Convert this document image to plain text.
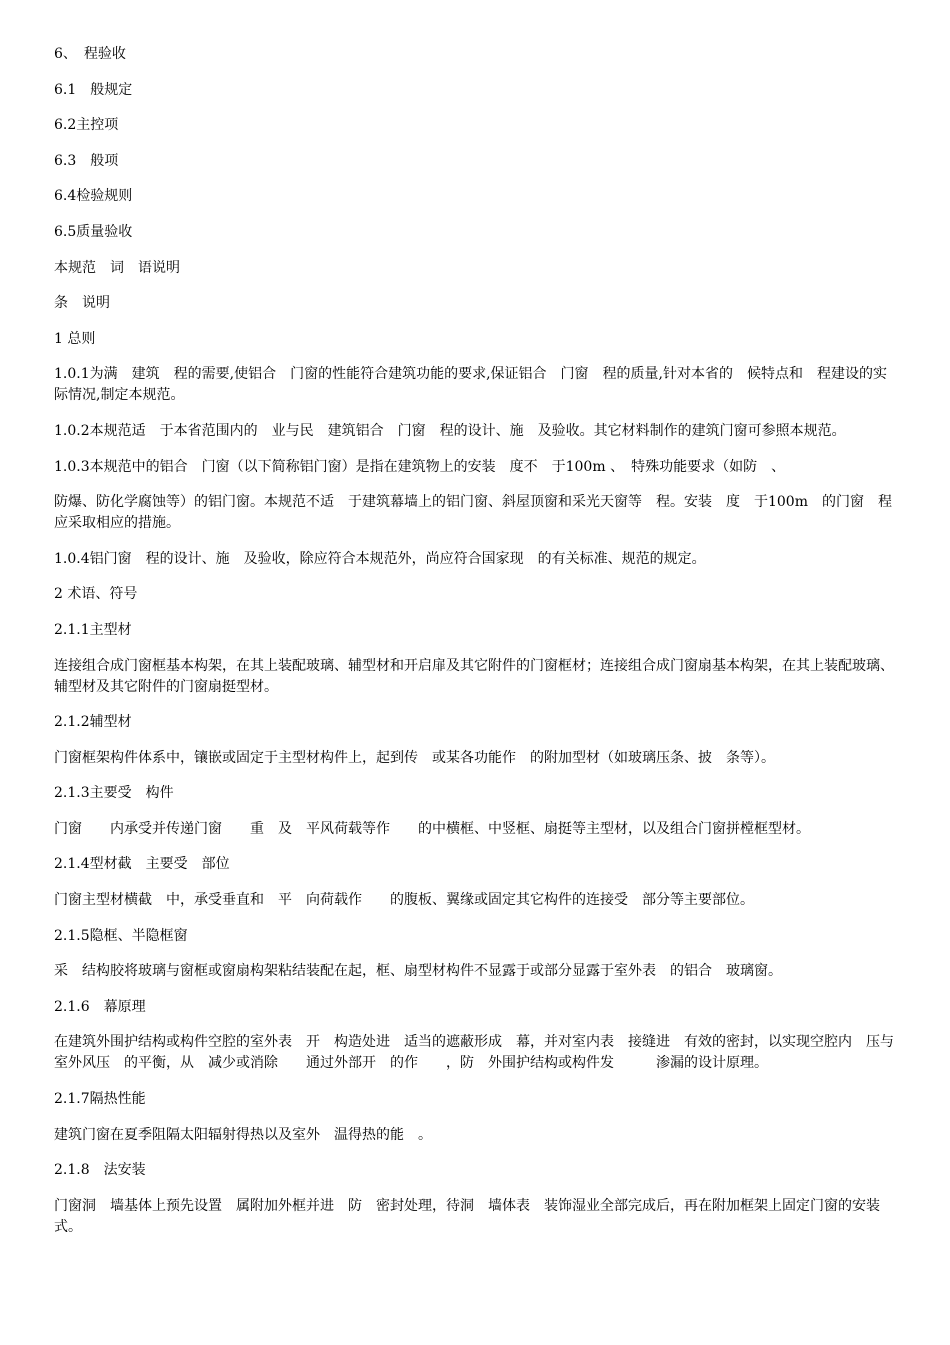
6、　程验收

6.1　般规定

6.2主控项

6.3　般项

6.4检验规则

6.5质量验收

本规范　词　语说明

条　说明

1 总则

1.0.1为满　建筑　程的需要,使铝合　门窗的性能符合建筑功能的要求,保证铝合　门窗　程的质量,针对本省的　候特点和　程建设的实际情况,制定本规范。

1.0.2本规范适　于本省范围内的　业与民　建筑铝合　门窗　程的设计、施　及验收。其它材料制作的建筑门窗可参照本规范。

1.0.3本规范中的铝合　门窗（以下简称铝门窗）是指在建筑物上的安装　度不　于100m 、　特殊功能要求（如防　、

防爆、防化学腐蚀等）的铝门窗。本规范不适　于建筑幕墙上的铝门窗、斜屋顶窗和采光天窗等　程。安装　度　于100m　的门窗　程应采取相应的措施。

1.0.4铝门窗　程的设计、施　及验收，除应符合本规范外，尚应符合国家现　的有关标准、规范的规定。

2 术语、符号

2.1.1主型材

连接组合成门窗框基本构架，在其上装配玻璃、辅型材和开启扉及其它附件的门窗框材；连接组合成门窗扇基本构架，在其上装配玻璃、辅型材及其它附件的门窗扇挺型材。

2.1.2辅型材

门窗框架构件体系中，镶嵌或固定于主型材构件上，起到传　或某各功能作　的附加型材（如玻璃压条、披　条等）。

2.1.3主要受　构件

门窗　　内承受并传递门窗　　重　及　平风荷载等作　　的中横框、中竖框、扇挺等主型材，以及组合门窗拼樘框型材。

2.1.4型材截　主要受　部位

门窗主型材横截　中，承受垂直和　平　向荷载作　　的腹板、翼缘或固定其它构件的连接受　部分等主要部位。

2.1.5隐框、半隐框窗

采　结构胶将玻璃与窗框或窗扇构架粘结装配在起，框、扇型材构件不显露于或部分显露于室外表　的铝合　玻璃窗。

2.1.6　幕原理

在建筑外围护结构或构件空腔的室外表　开　构造处进　适当的遮蔽形成　幕，并对室内表　接缝进　有效的密封，以实现空腔内　压与室外风压　的平衡，从　减少或消除　　通过外部开　的作　　，防　外围护结构或构件发　　　渗漏的设计原理。

2.1.7隔热性能

建筑门窗在夏季阻隔太阳辐射得热以及室外　温得热的能　。

2.1.8　法安装

门窗洞　墙基体上预先设置　属附加外框并进　防　密封处理，待洞　墙体表　装饰湿业全部完成后，再在附加框架上固定门窗的安装　式。
